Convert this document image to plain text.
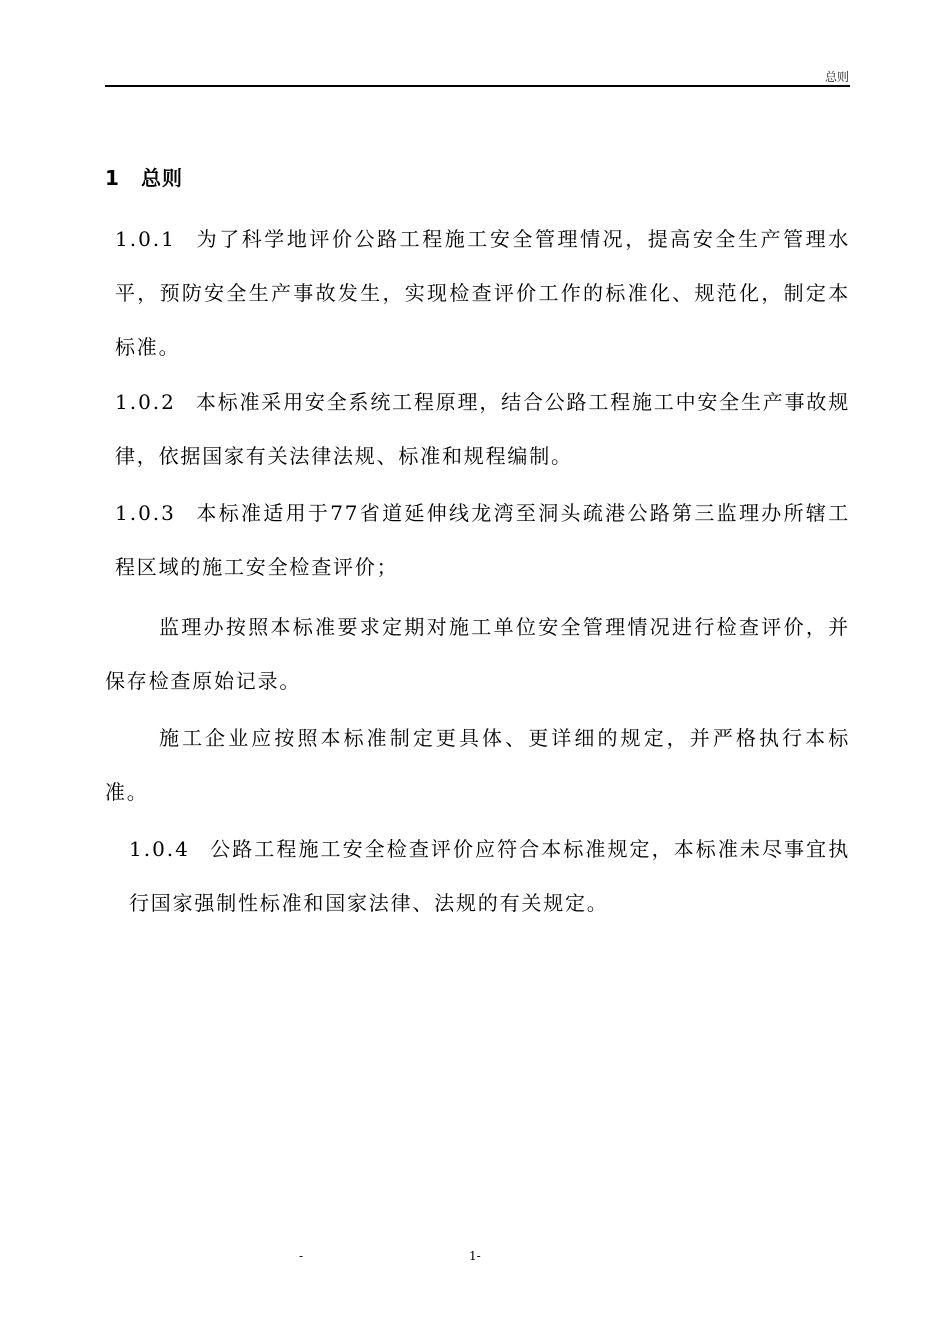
总则
1 总则
1.0.1 为了科学地评价公路工程施工安全管理情况，提高安全生产管理水平，预防安全生产事故发生，实现检查评价工作的标准化、规范化，制定本标准。
1.0.2 本标准采用安全系统工程原理，结合公路工程施工中安全生产事故规律，依据国家有关法律法规、标准和规程编制。
1.0.3 本标准适用于77省道延伸线龙湾至洞头疏港公路第三监理办所辖工程区域的施工安全检查评价；
监理办按照本标准要求定期对施工单位安全管理情况进行检查评价，并保存检查原始记录。
施工企业应按照本标准制定更具体、更详细的规定，并严格执行本标准。
1.0.4 公路工程施工安全检查评价应符合本标准规定，本标准未尽事宜执行国家强制性标准和国家法律、法规的有关规定。
-	1-
